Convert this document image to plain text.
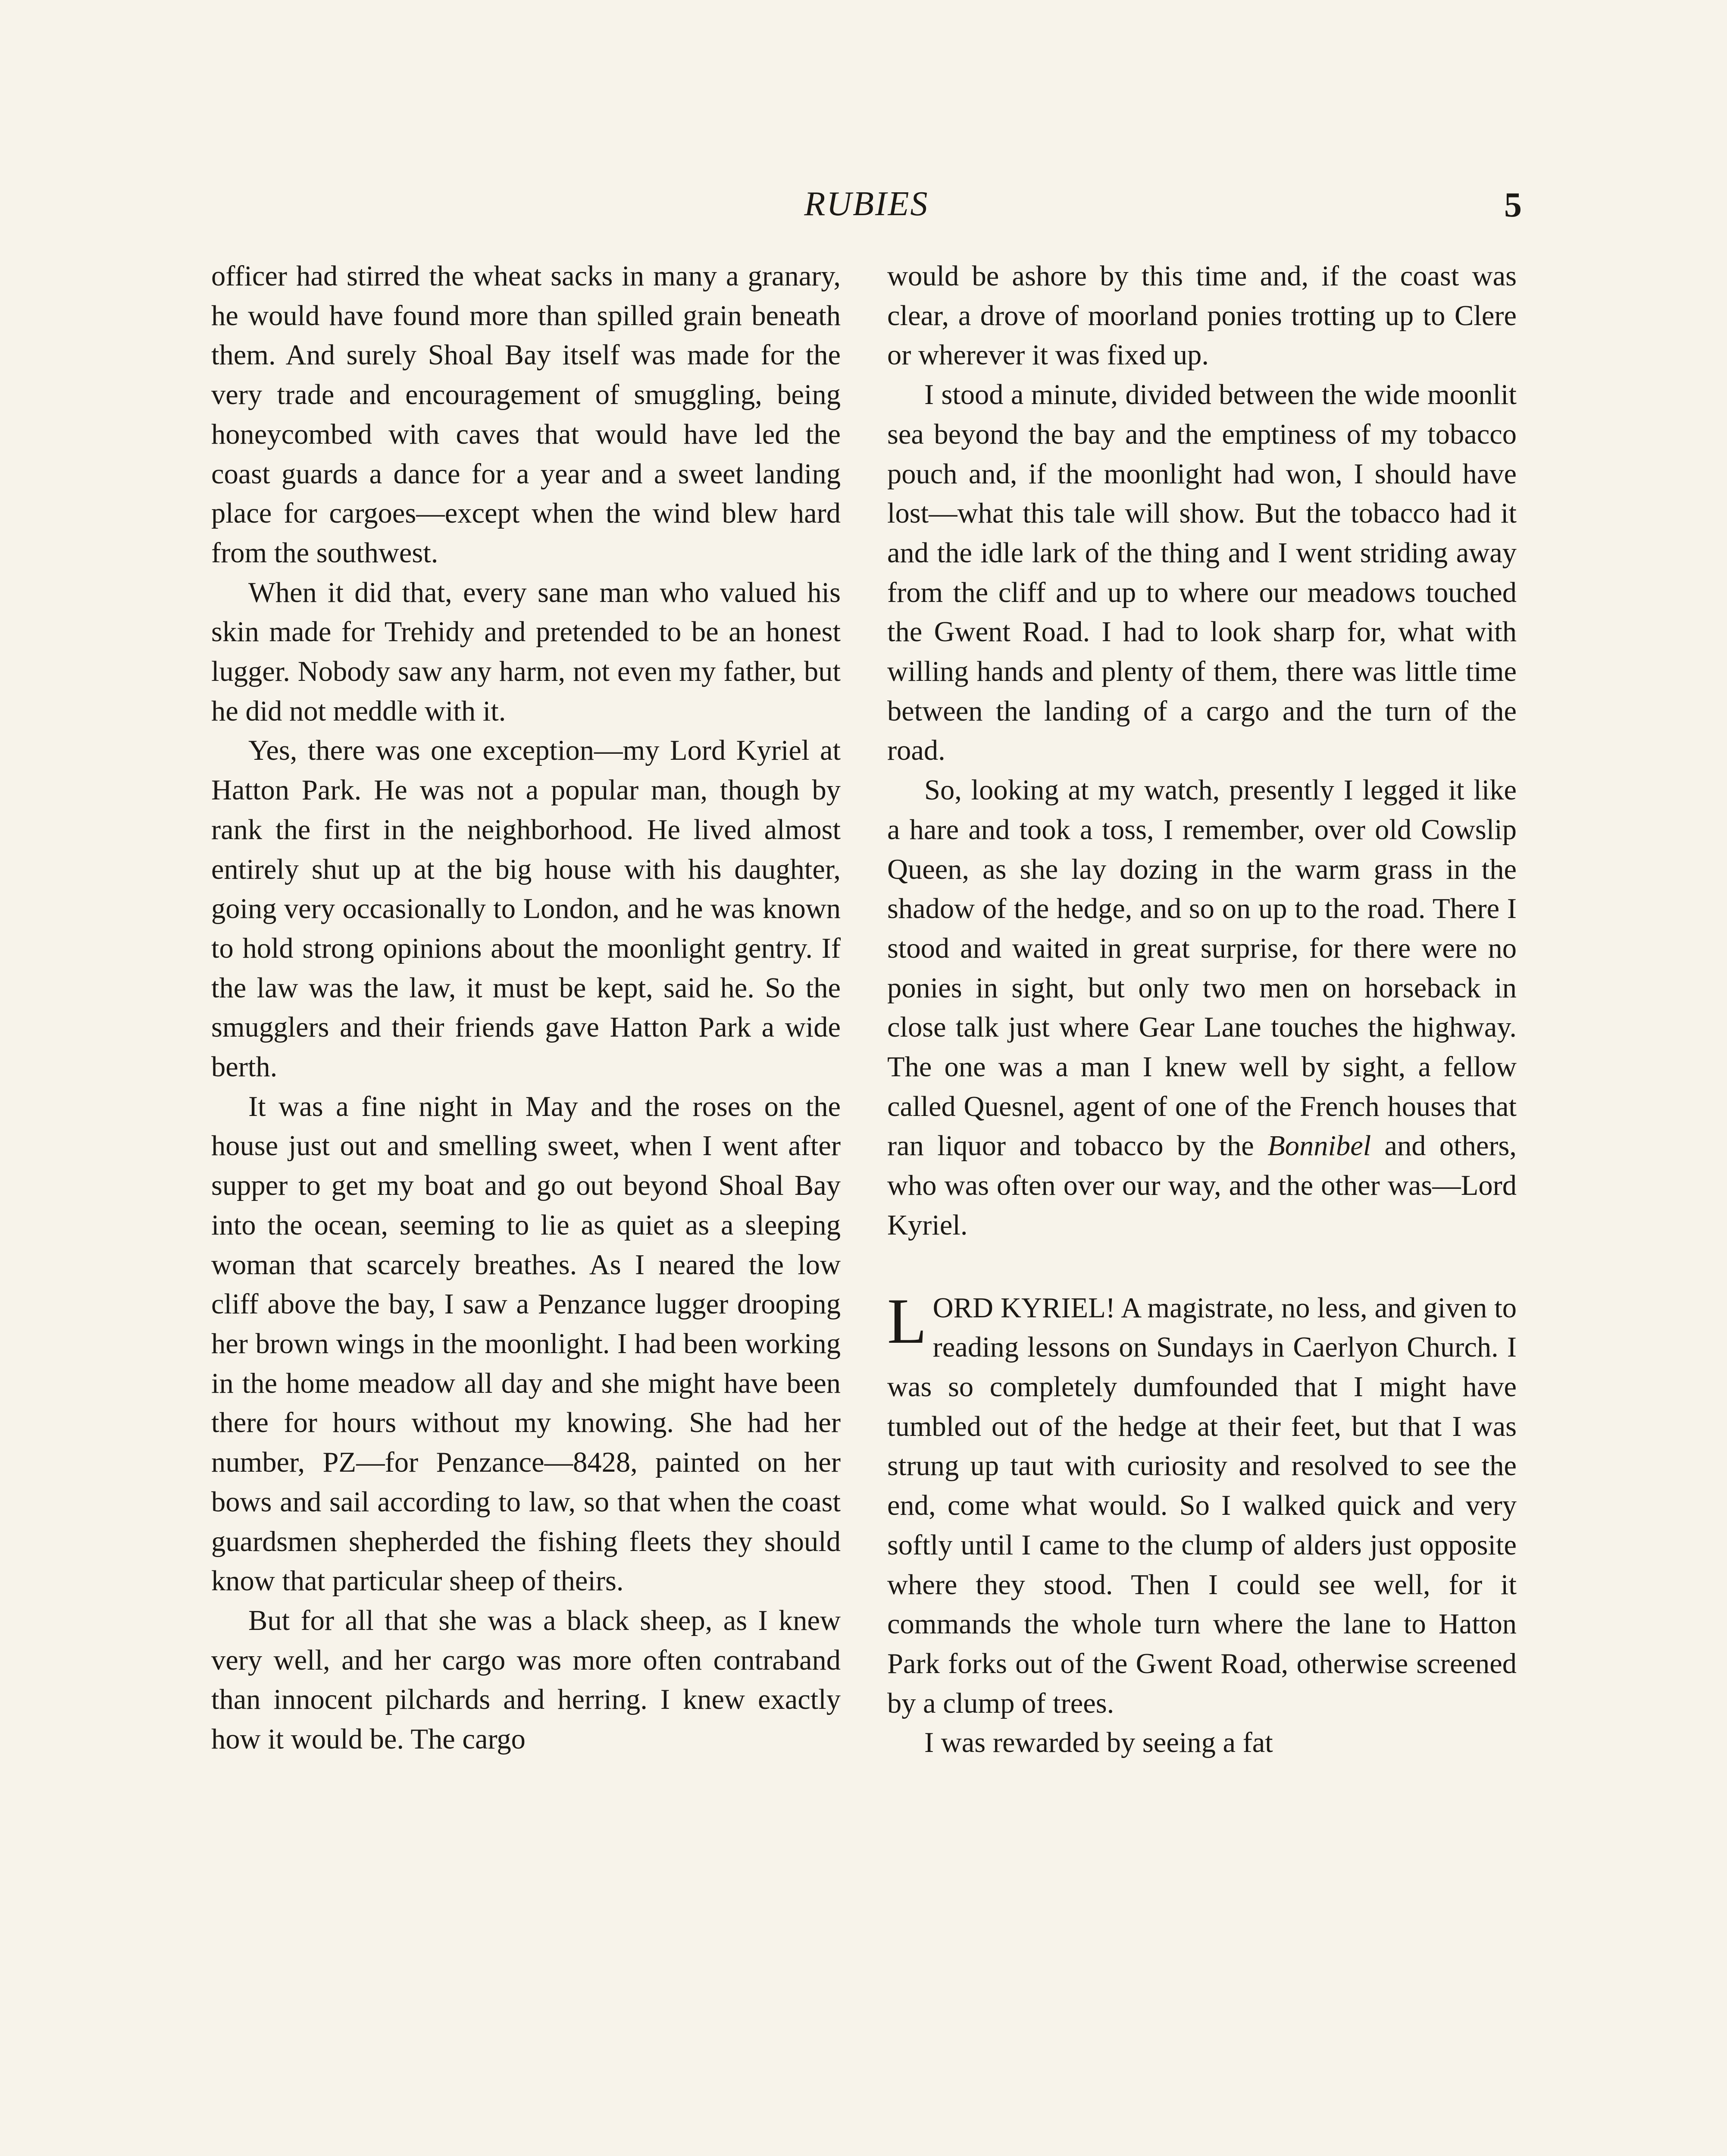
RUBIES	5

officer had stirred the wheat sacks in many a granary, he would have found more than spilled grain beneath them. And surely Shoal Bay itself was made for the very trade and encouragement of smuggling, being honeycombed with caves that would have led the coast guards a dance for a year and a sweet landing place for cargoes—except when the wind blew hard from the southwest.

When it did that, every sane man who valued his skin made for Trehidy and pretended to be an honest lugger. Nobody saw any harm, not even my father, but he did not meddle with it.

Yes, there was one exception—my Lord Kyriel at Hatton Park. He was not a popular man, though by rank the first in the neighborhood. He lived almost entirely shut up at the big house with his daughter, going very occasionally to London, and he was known to hold strong opinions about the moonlight gentry. If the law was the law, it must be kept, said he. So the smugglers and their friends gave Hatton Park a wide berth.

It was a fine night in May and the roses on the house just out and smelling sweet, when I went after supper to get my boat and go out beyond Shoal Bay into the ocean, seeming to lie as quiet as a sleeping woman that scarcely breathes. As I neared the low cliff above the bay, I saw a Penzance lugger drooping her brown wings in the moonlight. I had been working in the home meadow all day and she might have been there for hours without my knowing. She had her number, PZ—for Penzance—8428, painted on her bows and sail according to law, so that when the coast guardsmen shepherded the fishing fleets they should know that particular sheep of theirs.

But for all that she was a black sheep, as I knew very well, and her cargo was more often contraband than innocent pilchards and herring. I knew exactly how it would be. The cargo

would be ashore by this time and, if the coast was clear, a drove of moorland ponies trotting up to Clere or wherever it was fixed up.

I stood a minute, divided between the wide moonlit sea beyond the bay and the emptiness of my tobacco pouch and, if the moonlight had won, I should have lost—what this tale will show. But the tobacco had it and the idle lark of the thing and I went striding away from the cliff and up to where our meadows touched the Gwent Road. I had to look sharp for, what with willing hands and plenty of them, there was little time between the landing of a cargo and the turn of the road.

So, looking at my watch, presently I legged it like a hare and took a toss, I remember, over old Cowslip Queen, as she lay dozing in the warm grass in the shadow of the hedge, and so on up to the road. There I stood and waited in great surprise, for there were no ponies in sight, but only two men on horseback in close talk just where Gear Lane touches the highway. The one was a man I knew well by sight, a fellow called Quesnel, agent of one of the French houses that ran liquor and tobacco by the Bonnibel and others, who was often over our way, and the other was—Lord Kyriel.

LORD KYRIEL! A magistrate, no less, and given to reading lessons on Sundays in Caerlyon Church. I was so completely dumfounded that I might have tumbled out of the hedge at their feet, but that I was strung up taut with curiosity and resolved to see the end, come what would. So I walked quick and very softly until I came to the clump of alders just opposite where they stood. Then I could see well, for it commands the whole turn where the lane to Hatton Park forks out of the Gwent Road, otherwise screened by a clump of trees.

I was rewarded by seeing a fat
